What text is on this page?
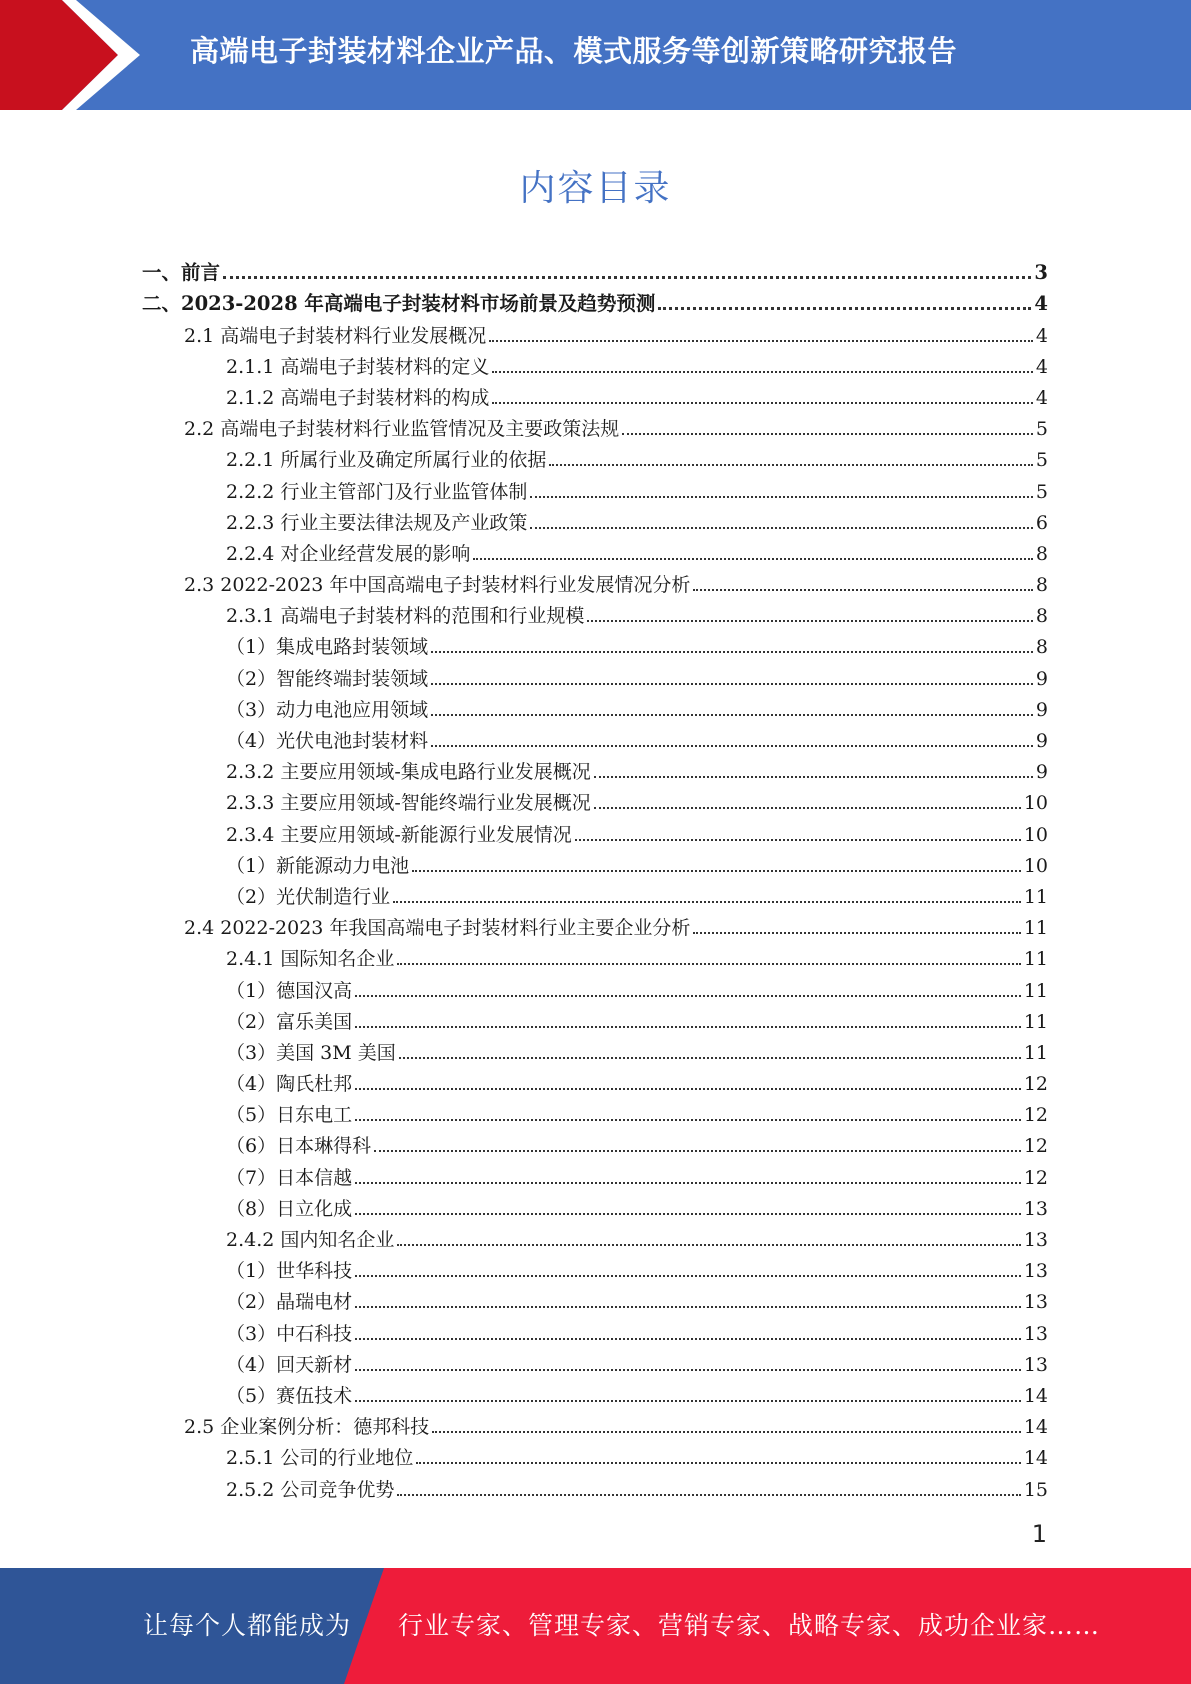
高端电子封装材料企业产品、模式服务等创新策略研究报告
内容目录
一、前言	3
二、2023-2028 年高端电子封装材料市场前景及趋势预测	4
2.1 高端电子封装材料行业发展概况	4
2.1.1 高端电子封装材料的定义	4
2.1.2 高端电子封装材料的构成	4
2.2 高端电子封装材料行业监管情况及主要政策法规	5
2.2.1 所属行业及确定所属行业的依据	5
2.2.2 行业主管部门及行业监管体制	5
2.2.3 行业主要法律法规及产业政策	6
2.2.4 对企业经营发展的影响	8
2.3 2022-2023 年中国高端电子封装材料行业发展情况分析	8
2.3.1 高端电子封装材料的范围和行业规模	8
（1）集成电路封装领域	8
（2）智能终端封装领域	9
（3）动力电池应用领域	9
（4）光伏电池封装材料	9
2.3.2 主要应用领域-集成电路行业发展概况	9
2.3.3 主要应用领域-智能终端行业发展概况	10
2.3.4 主要应用领域-新能源行业发展情况	10
（1）新能源动力电池	10
（2）光伏制造行业	11
2.4 2022-2023 年我国高端电子封装材料行业主要企业分析	11
2.4.1 国际知名企业	11
（1）德国汉高	11
（2）富乐美国	11
（3）美国 3M 美国	11
（4）陶氏杜邦	12
（5）日东电工	12
（6）日本琳得科	12
（7）日本信越	12
（8）日立化成	13
2.4.2 国内知名企业	13
（1）世华科技	13
（2）晶瑞电材	13
（3）中石科技	13
（4）回天新材	13
（5）赛伍技术	14
2.5 企业案例分析：德邦科技	14
2.5.1 公司的行业地位	14
2.5.2 公司竞争优势	15
1
让每个人都能成为 行业专家、管理专家、营销专家、战略专家、成功企业家……
